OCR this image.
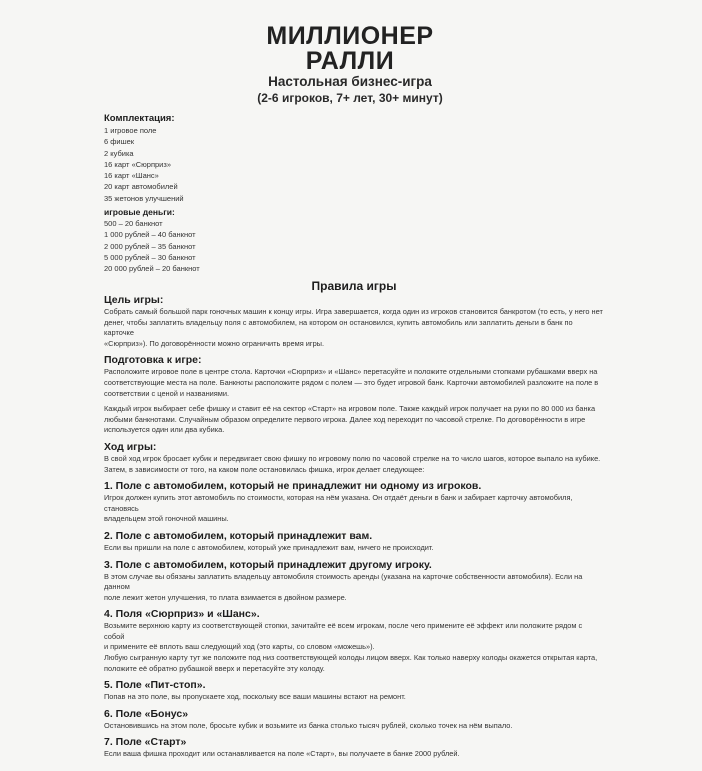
МИЛЛИОНЕР
РАЛЛИ
Настольная бизнес-игра
(2-6 игроков, 7+ лет, 30+ минут)
Комплектация:
1 игровое поле
6 фишек
2 кубика
16 карт «Сюрприз»
16 карт «Шанс»
20 карт автомобилей
35 жетонов улучшений
игровые деньги:
500 – 20 банкнот
1 000 рублей – 40 банкнот
2 000 рублей – 35 банкнот
5 000 рублей – 30 банкнот
20 000 рублей – 20 банкнот
Правила игры
Цель игры:
Собрать самый большой парк гоночных машин к концу игры. Игра завершается, когда один из игроков становится банкротом (то есть, у него нет
денег, чтобы заплатить владельцу поля с автомобилем, на котором он остановился, купить автомобиль или заплатить деньги в банк по карточке
«Сюрприз»). По договорённости можно ограничить время игры.
Подготовка к игре:
Расположите игровое поле в центре стола. Карточки «Сюрприз» и «Шанс» перетасуйте и положите отдельными стопками рубашками вверх на
соответствующие места на поле. Банкноты расположите рядом с полем — это будет игровой банк. Карточки автомобилей разложите на поле в
соответствии с ценой и названиями.
Каждый игрок выбирает себе фишку и ставит её на сектор «Старт» на игровом поле. Также каждый игрок получает на руки по 80 000 из банка
любыми банкнотами. Случайным образом определите первого игрока. Далее ход переходит по часовой стрелке. По договорённости в игре
используется один или два кубика.
Ход игры:
В свой ход игрок бросает кубик и передвигает свою фишку по игровому полю по часовой стрелке на то число шагов, которое выпало на кубике.
Затем, в зависимости от того, на каком поле остановилась фишка, игрок делает следующее:
1. Поле с автомобилем, который не принадлежит ни одному из игроков.
Игрок должен купить этот автомобиль по стоимости, которая на нём указана. Он отдаёт деньги в банк и забирает карточку автомобиля, становясь
владельцем этой гоночной машины.
2. Поле с автомобилем, который принадлежит вам.
Если вы пришли на поле с автомобилем, который уже принадлежит вам, ничего не происходит.
3. Поле с автомобилем, который принадлежит другому игроку.
В этом случае вы обязаны заплатить владельцу автомобиля стоимость аренды (указана на карточке собственности автомобиля). Если на данном
поле лежит жетон улучшения, то плата взимается в двойном размере.
4. Поля «Сюрприз» и «Шанс».
Возьмите верхнюю карту из соответствующей стопки, зачитайте её всем игрокам, после чего примените её эффект или положите рядом с собой
и примените её вплоть ваш следующий ход (это карты, со словом «можешь»).
Любую сыгранную карту тут же положите под низ соответствующей колоды лицом вверх. Как только наверху колоды окажется открытая карта,
положите её обратно рубашкой вверх и перетасуйте эту колоду.
5. Поле «Пит-стоп».
Попав на это поле, вы пропускаете ход, поскольку все ваши машины встают на ремонт.
6. Поле «Бонус»
Остановившись на этом поле, бросьте кубик и возьмите из банка столько тысяч рублей, сколько точек на нём выпало.
7. Поле «Старт»
Если ваша фишка проходит или останавливается на поле «Старт», вы получаете в банке 2000 рублей.
